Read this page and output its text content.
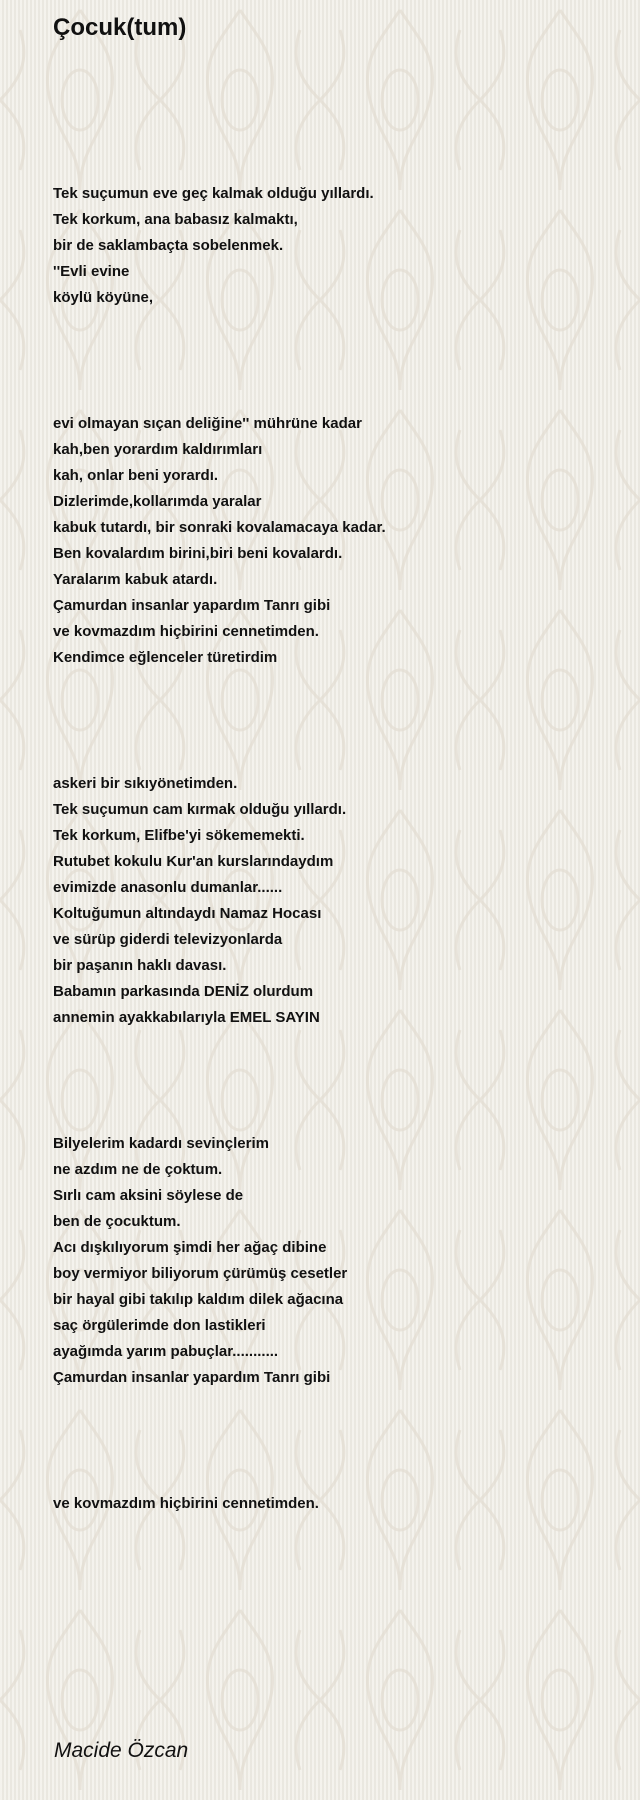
Çocuk(tum)
Tek suçumun eve geç kalmak olduğu yıllardı.
Tek korkum, ana babasız kalmaktı,
bir de saklambaçta sobelenmek.
''Evli evine
köylü köyüne,
evi olmayan sıçan deliğine'' mührüne kadar
kah,ben yorardım kaldırımları
kah, onlar beni yorardı.
Dizlerimde,kollarımda yaralar
kabuk tutardı, bir sonraki kovalamacaya kadar.
Ben kovalardım birini,biri beni kovalardı.
Yaralarım kabuk atardı.
Çamurdan insanlar yapardım Tanrı gibi
ve kovmazdım hiçbirini cennetimden.
Kendimce eğlenceler türetirdim
askeri bir sıkıyönetimden.
Tek suçumun cam kırmak olduğu yıllardı.
Tek korkum, Elifbe'yi sökememekti.
Rutubet kokulu Kur'an kurslarındaydım
evimizde anasonlu dumanlar......
Koltuğumun altındaydı Namaz Hocası
ve sürüp giderdi televizyonlarda
bir paşanın haklı davası.
Babamın parkasında DENİZ olurdum
annemin ayakkabılarıyla EMEL SAYIN
Bilyelerim kadardı sevinçlerim
ne azdım ne de çoktum.
Sırlı cam aksini söylese de
ben de çocuktum.
Acı dışkılıyorum şimdi her ağaç dibine
boy vermiyor biliyorum çürümüş cesetler
bir hayal gibi takılıp kaldım dilek ağacına
saç örgülerimde don lastikleri
ayağımda yarım pabuçlar...........
Çamurdan insanlar yapardım Tanrı gibi
ve kovmazdım hiçbirini cennetimden.

Macide Özcan
